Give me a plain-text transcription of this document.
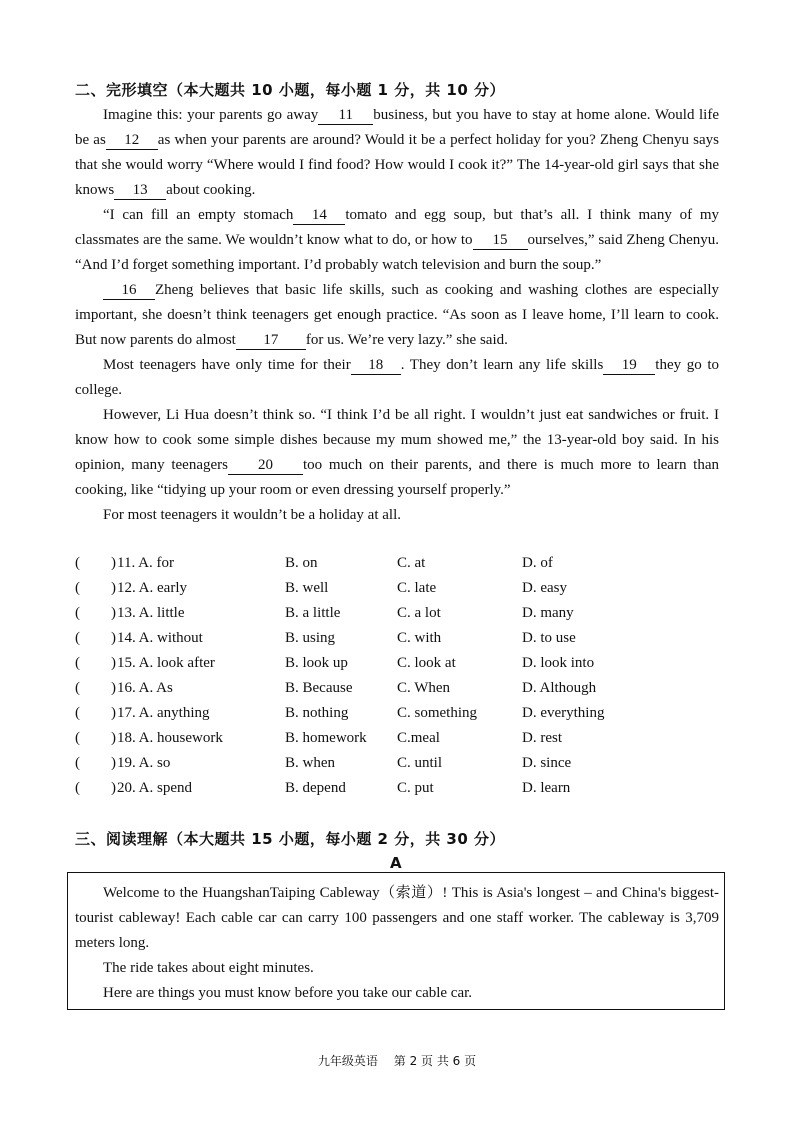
二、完形填空（本大题共 10 小题，每小题 1 分，共 10 分）
Imagine this: your parents go away 11 business, but you have to stay at home alone. Would life be as 12 as when your parents are around? Would it be a perfect holiday for you? Zheng Chenyu says that she would worry “Where would I find food? How would I cook it?” The 14-year-old girl says that she knows 13 about cooking.
“I can fill an empty stomach 14 tomato and egg soup, but that’s all. I think many of my classmates are the same. We wouldn’t know what to do, or how to 15 ourselves,” said Zheng Chenyu. “And I’d forget something important. I’d probably watch television and burn the soup.”
16 Zheng believes that basic life skills, such as cooking and washing clothes are especially important, she doesn’t think teenagers get enough practice. “As soon as I leave home, I’ll learn to cook. But now parents do almost 17 for us. We’re very lazy.” she said.
Most teenagers have only time for their 18 . They don’t learn any life skills 19 they go to college.
However, Li Hua doesn’t think so. “I think I’d be all right. I wouldn’t just eat sandwiches or fruit. I know how to cook some simple dishes because my mum showed me,” the 13-year-old boy said. In his opinion, many teenagers 20 too much on their parents, and there is much more to learn than cooking, like “tidying up your room or even dressing yourself properly.”
For most teenagers it wouldn’t be a holiday at all.
( ) 11. A. for	B. on	C. at	D. of
( ) 12. A. early	B. well	C. late	D. easy
( ) 13. A. little	B. a little	C. a lot	D. many
( ) 14. A. without	B. using	C. with	D. to use
( ) 15. A. look after	B. look up	C. look at	D. look into
( ) 16. A. As	B. Because	C. When	D. Although
( ) 17. A. anything	B. nothing	C. something	D. everything
( ) 18. A. housework	B. homework C.meal	D. rest
( ) 19. A. so	B. when	C. until	D. since
( ) 20. A. spend	B. depend	C. put	D. learn
三、阅读理解（本大题共 15 小题，每小题 2 分，共 30 分）
A
Welcome to the HuangshanTaiping Cableway（索道）! This is Asia's longest – and China's biggest-tourist cableway! Each cable car can carry 100 passengers and one staff worker. The cableway is 3,709 meters long.
The ride takes about eight minutes.
Here are things you must know before you take our cable car.
九年级英语 第 2 页 共 6 页
